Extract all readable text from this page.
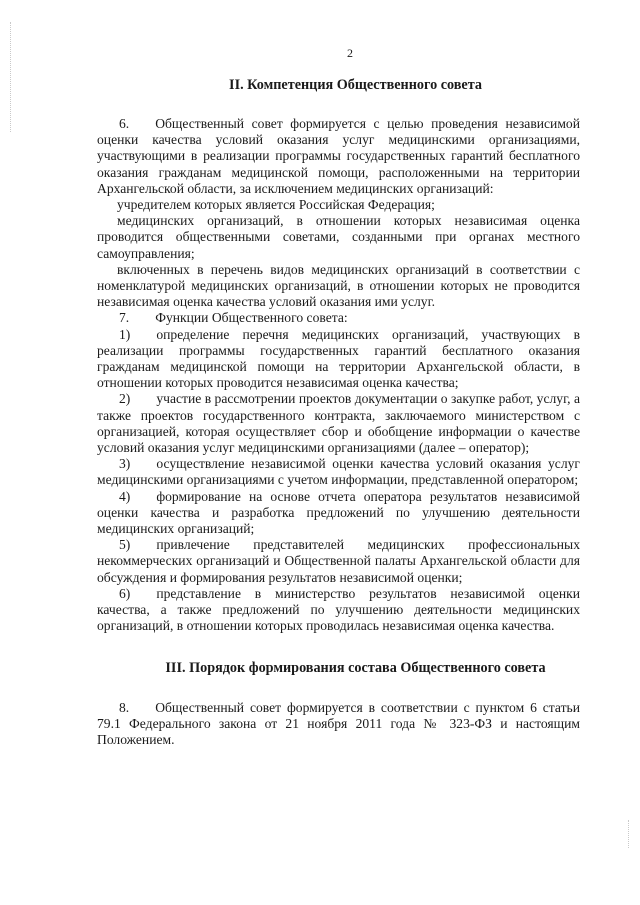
2
II. Компетенция Общественного совета

6. Общественный совет формируется с целью проведения независимой оценки качества условий оказания услуг медицинскими организациями, участвующими в реализации программы государственных гарантий бесплатного оказания гражданам медицинской помощи, расположенными на территории Архангельской области, за исключением медицинских организаций:

учредителем которых является Российская Федерация;

медицинских организаций, в отношении которых независимая оценка проводится общественными советами, созданными при органах местного самоуправления;

включенных в перечень видов медицинских организаций в соответствии с номенклатурой медицинских организаций, в отношении которых не проводится независимая оценка качества условий оказания ими услуг.

7. Функции Общественного совета:

1) определение перечня медицинских организаций, участвующих в реализации программы государственных гарантий бесплатного оказания гражданам медицинской помощи на территории Архангельской области, в отношении которых проводится независимая оценка качества;

2) участие в рассмотрении проектов документации о закупке работ, услуг, а также проектов государственного контракта, заключаемого министерством с организацией, которая осуществляет сбор и обобщение информации о качестве условий оказания услуг медицинскими организациями (далее – оператор);

3) осуществление независимой оценки качества условий оказания услуг медицинскими организациями с учетом информации, представленной оператором;

4) формирование на основе отчета оператора результатов независимой оценки качества и разработка предложений по улучшению деятельности медицинских организаций;

5) привлечение представителей медицинских профессиональных некоммерческих организаций и Общественной палаты Архангельской области для обсуждения и формирования результатов независимой оценки;

6) представление в министерство результатов независимой оценки качества, а также предложений по улучшению деятельности медицинских организаций, в отношении которых проводилась независимая оценка качества.

III. Порядок формирования состава Общественного совета

8. Общественный совет формируется в соответствии с пунктом 6 статьи 79.1 Федерального закона от 21 ноября 2011 года № 323-ФЗ и настоящим Положением.
